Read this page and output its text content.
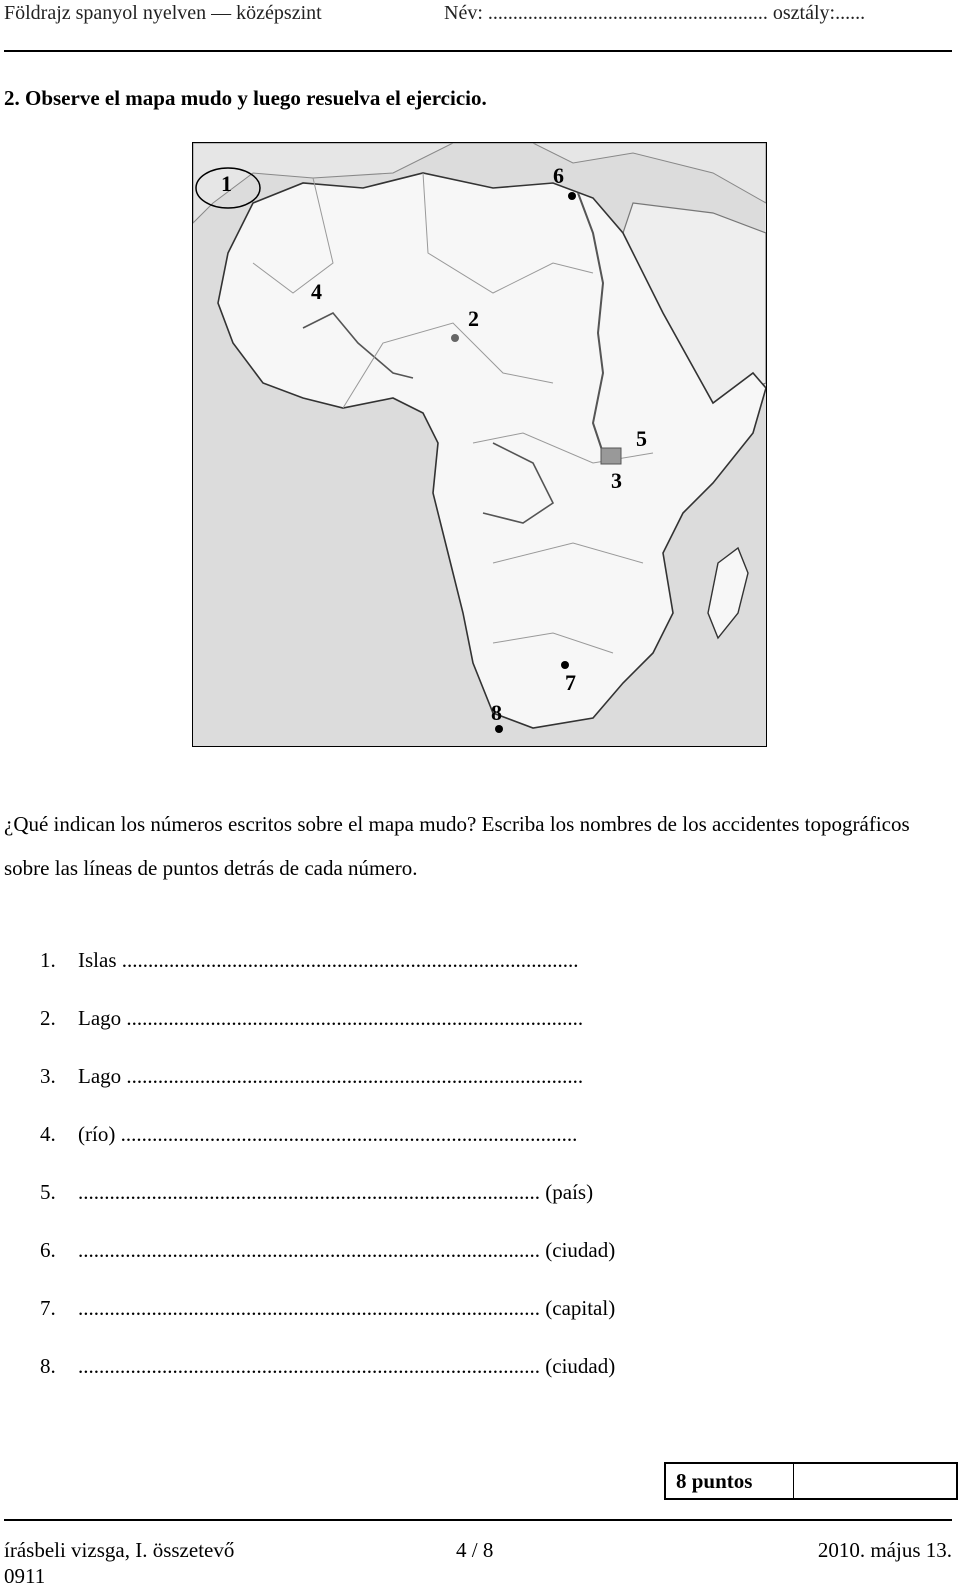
Földrajz spanyol nyelven — középszint	Név: ........................................................ osztály:......
2. Observe el mapa mudo y luego resuelva el ejercicio.
1
2
3
4
5
6
7
8
¿Qué indican los números escritos sobre el mapa mudo? Escriba los nombres de los accidentes topográficos sobre las líneas de puntos detrás de cada número.
1. Islas .......................................................................................
2. Lago .......................................................................................
3. Lago .......................................................................................
4. (río) .......................................................................................
5. ........................................................................................ (país)
6. ........................................................................................ (ciudad)
7. ........................................................................................ (capital)
8. ........................................................................................ (ciudad)
8 puntos
írásbeli vizsga, I. összetevő	4 / 8	2010. május 13.
0911
